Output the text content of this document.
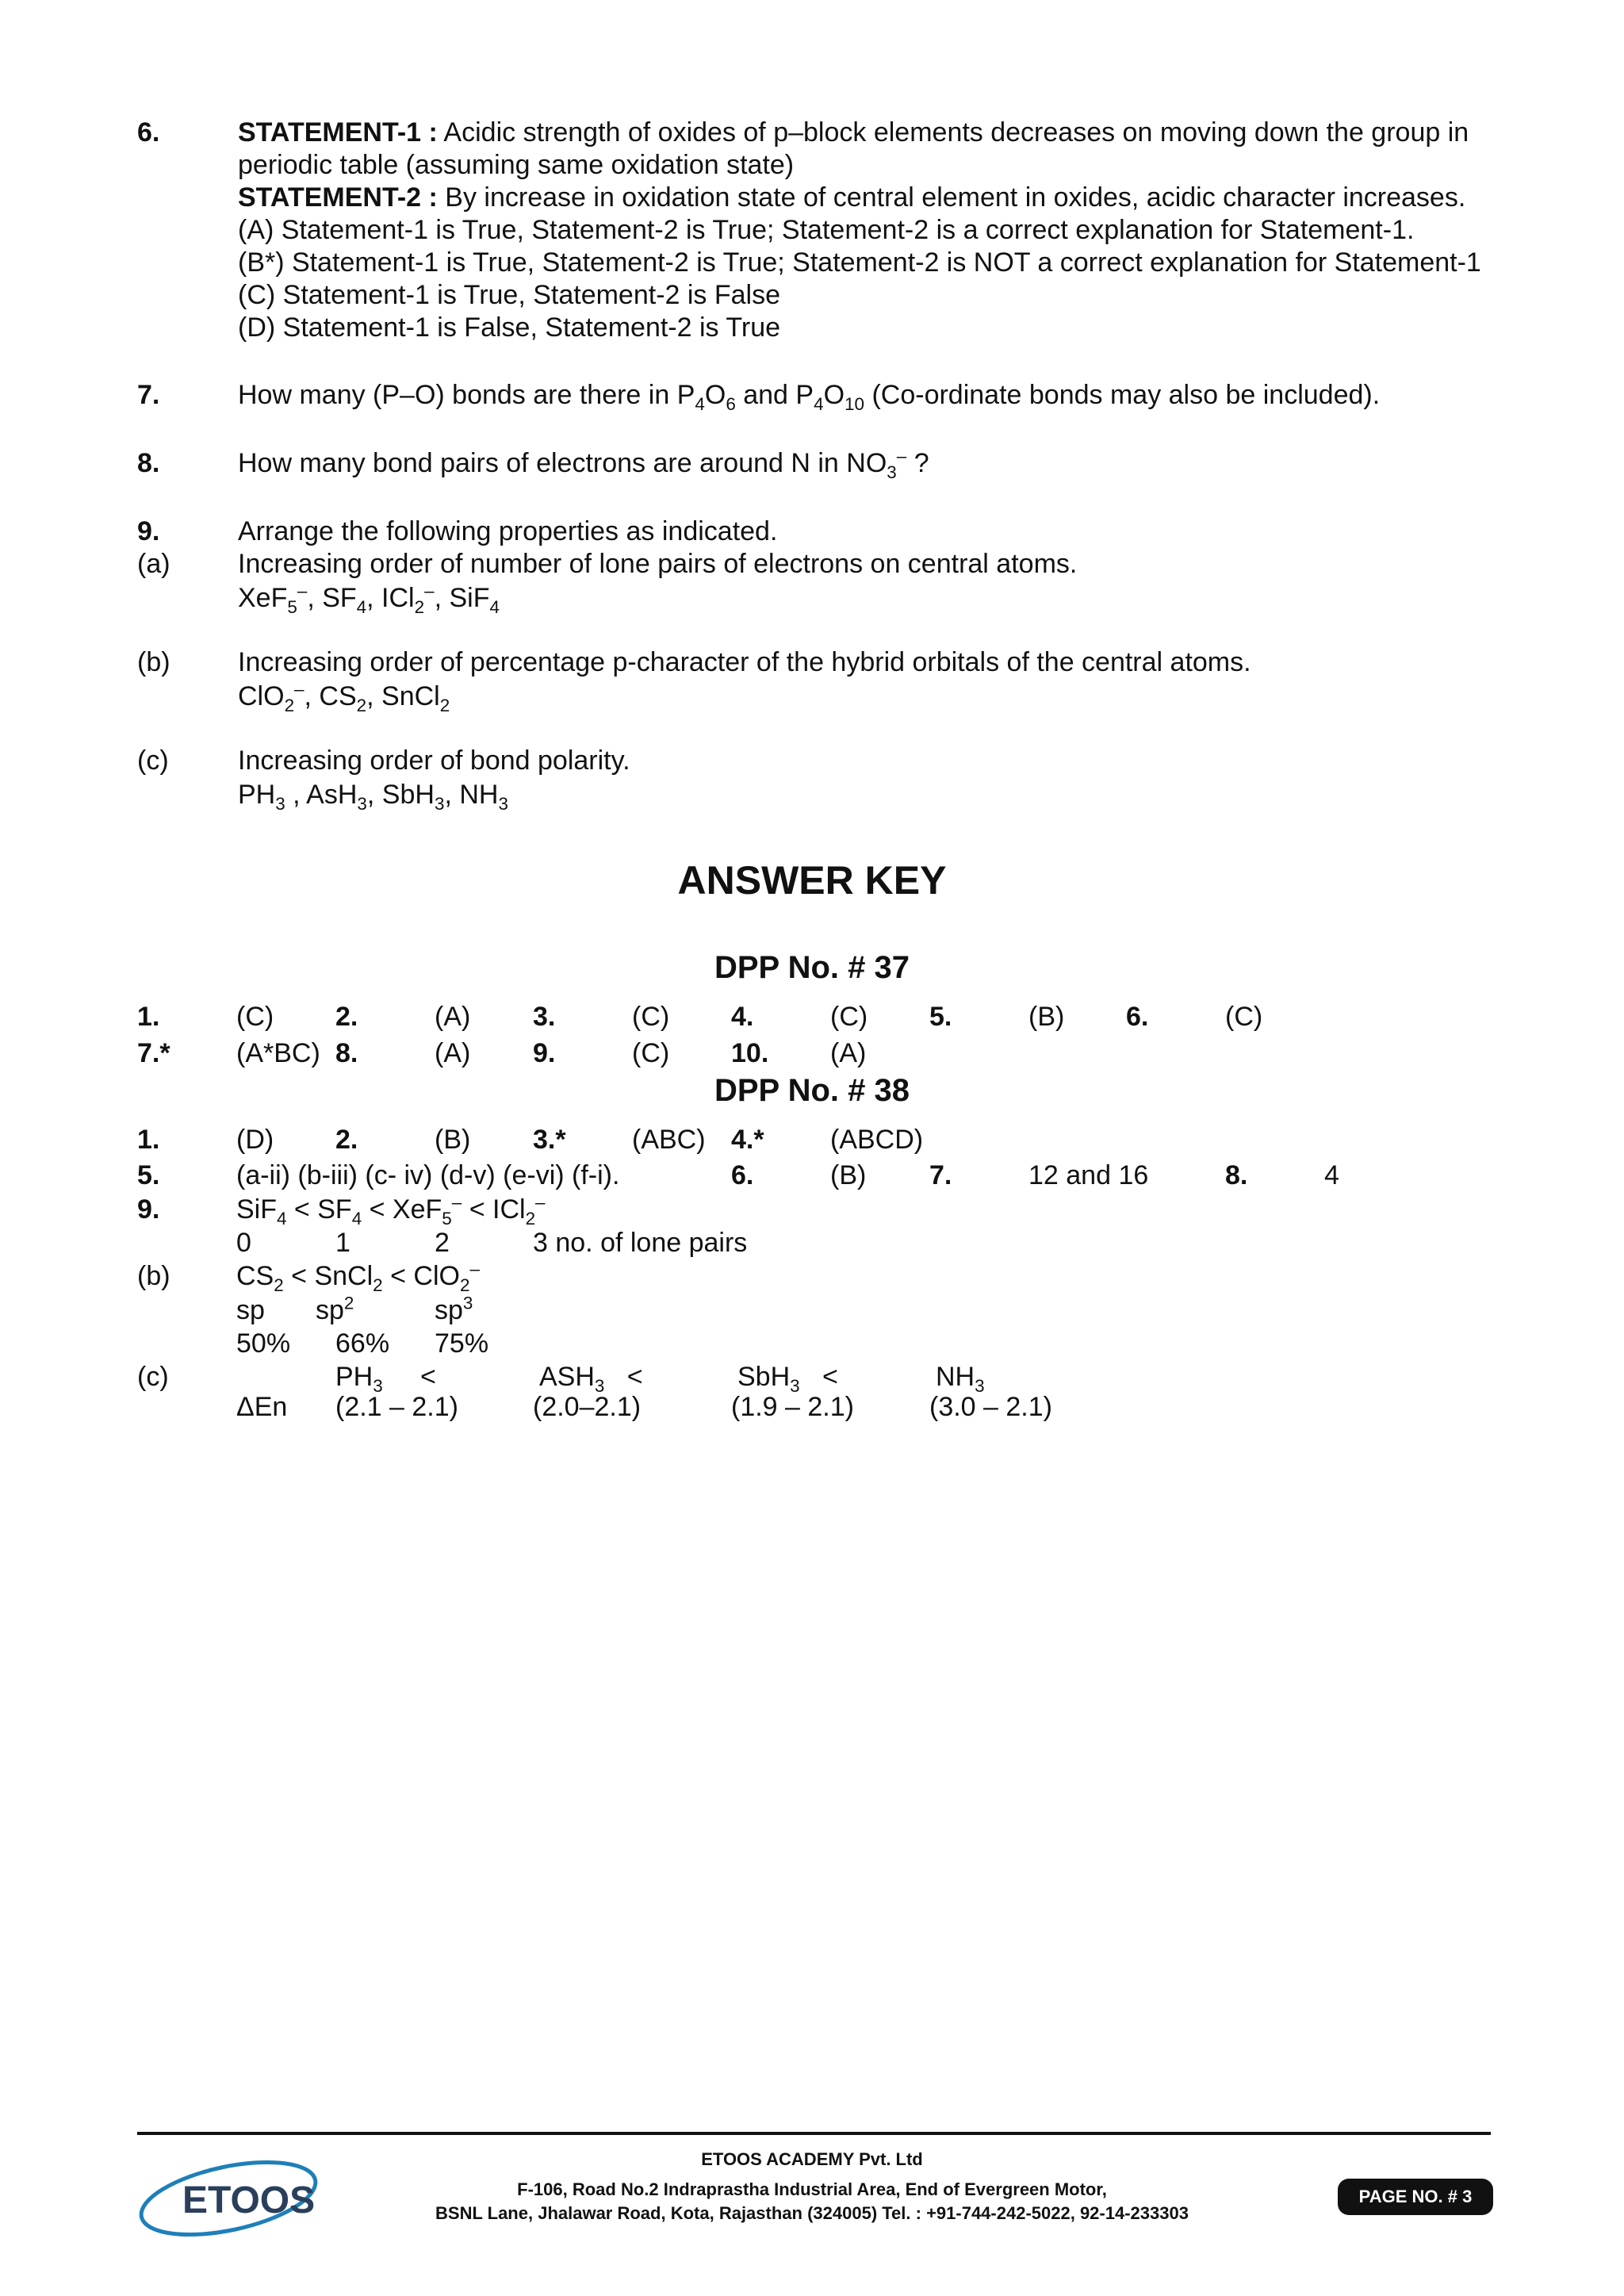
6.	STATEMENT-1 : Acidic strength of oxides of p–block elements decreases on moving down the group in
periodic table (assuming same oxidation state)
STATEMENT-2 : By increase in oxidation state of central element in oxides, acidic character increases.
(A) Statement-1 is True, Statement-2 is True; Statement-2 is a correct explanation for Statement-1.
(B*) Statement-1 is True, Statement-2 is True; Statement-2 is NOT a correct explanation for Statement-1
(C) Statement-1 is True, Statement-2 is False
(D) Statement-1 is False, Statement-2 is True
7.	How many (P–O) bonds are there in $P_4O_6$ and $P_4O_{10}$ (Co-ordinate bonds may also be included).
8.	How many bond pairs of electrons are around N in $NO_3^-$ ?
9.	Arrange the following properties as indicated.
(a)	Increasing order of number of lone pairs of electrons on central atoms.
XeF$_5$–, $SF_4$, ICl$_2$–, SiF$_4$
(b)	Increasing order of percentage p-character of the hybrid orbitals of the central atoms.
ClO$_2$–, $CS_2$, SnCl$_2$
(c)	Increasing order of bond polarity.
$PH_3$ , AsH$_3$, SbH$_3$, $NH_3$
ANSWER KEY
DPP No. # 37
1.	(C) 2.	(A) 3.	(C) 4.	(C) 5.	(B) 6.	(C)
7.* (A*BC) 8.	(A) 9.	(C) 10. (A)
DPP No. # 38
1.	(D) 2.	(B) 3.* (ABC) 4.* (ABCD)
5.	(a-ii) (b-iii) (c- iv) (d-v) (e-vi) (f-i).	6.	(B) 7.	12 and 16	8.	4
9.	$SiF_4 < SF_4 < XeF_5^- < ICl_2^-$
0	1	2	3 no. of lone pairs
(b) $CS_2$ < SnCl$_2$ < ClO$_2$–
sp $sp^2$	$sp^3$
50% 66% 75%
(c)	$PH_3$     <	$ASH_3$   <	SbH$_3$   <	$NH_3$
ΔEn (2.1 – 2.1)	(2.0–2.1)	(1.9 – 2.1)	(3.0 – 2.1)
ETOOS
ETOOS ACADEMY Pvt. Ltd
F-106, Road No.2 Indraprastha Industrial Area, End of Evergreen Motor,
BSNL Lane, Jhalawar Road, Kota, Rajasthan (324005) Tel. : +91-744-242-5022, 92-14-233303
PAGE NO. # 3
